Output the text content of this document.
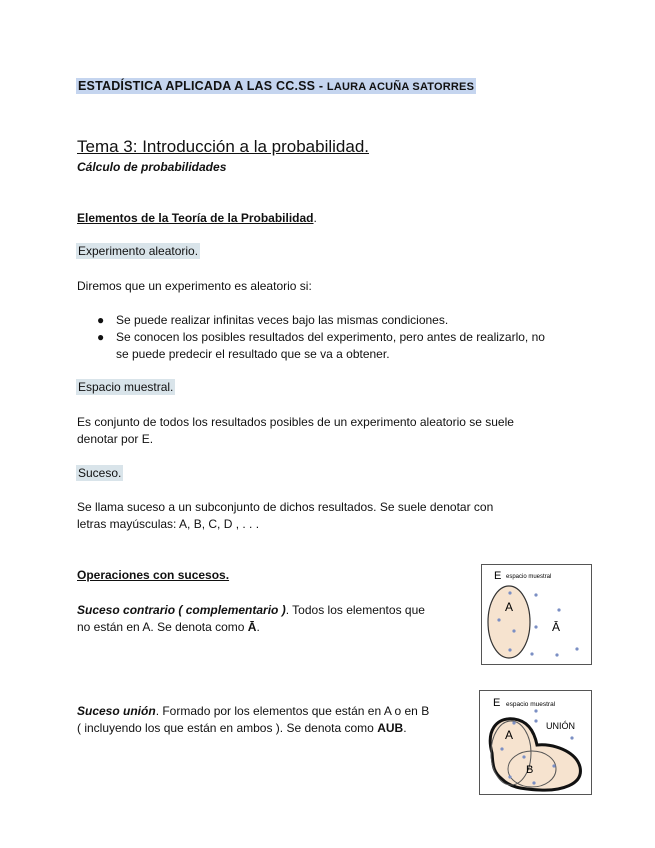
ESTADÍSTICA APLICADA A LAS CC.SS - LAURA ACUÑA SATORRES
Tema 3: Introducción a la probabilidad.
Cálculo de probabilidades
Elementos de la Teoría de la Probabilidad.
Experimento aleatorio.
Diremos que un experimento es aleatorio si:
● Se puede realizar infinitas veces bajo las mismas condiciones.
● Se conocen los posibles resultados del experimento, pero antes de realizarlo, no
se puede predecir el resultado que se va a obtener.
Espacio muestral.
Es conjunto de todos los resultados posibles de un experimento aleatorio se suele
denotar por E.
Suceso.
Se llama suceso a un subconjunto de dichos resultados. Se suele denotar con
letras mayúsculas: A, B, C, D , . . .
Operaciones con sucesos.
Suceso contrario ( complementario ). Todos los elementos que
no están en A. Se denota como Ā.
Suceso unión. Formado por los elementos que están en A o en B
( incluyendo los que están en ambos ). Se denota como AUB.
E espacio muestral
A
Ā
E espacio muestral
UNIÓN
A
B
